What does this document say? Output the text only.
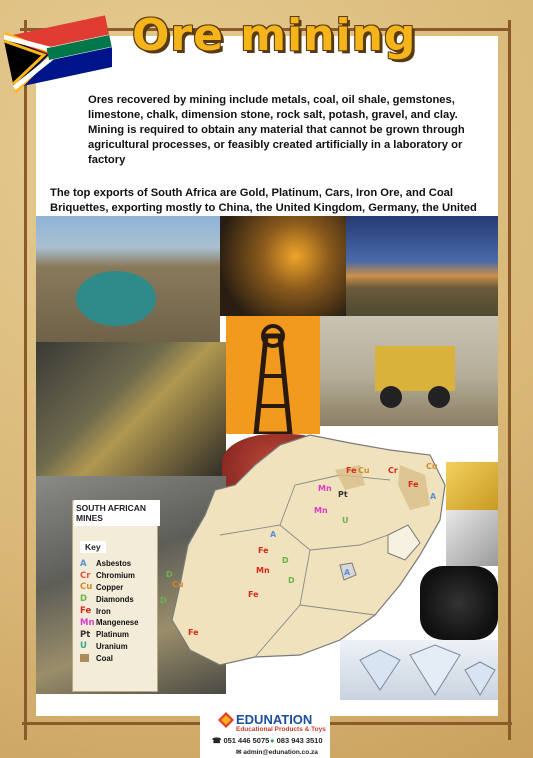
Ore mining
Ores recovered by mining include metals, coal, oil shale, gemstones, limestone, chalk, dimension stone, rock salt, potash, gravel, and clay. Mining is required to obtain any material that cannot be grown through agricultural processes, or feasibly created artificially in a laboratory or factory
The top exports of South Africa are Gold, Platinum, Cars, Iron Ore, and Coal Briquettes, exporting mostly to China, the United Kingdom, Germany, the United
Fe Cu
Mn
Pt
Mn
Cr
Fe
Cu
A
U
A
Fe
D
Mn
D
Fe
D
Cu
D
Fe
A
SOUTH AFRICAN MINES
Key
A	Asbestos
Cr Chromium
Cu Copper
D	Diamonds
Fe Iron
Mn Mangenese
Pt Platinum
U	Uranium
Coal
EDUNATION
Educational Products & Toys
☎ 051 446 5075 ● 083 943 3510
✉ admin@edunation.co.za
